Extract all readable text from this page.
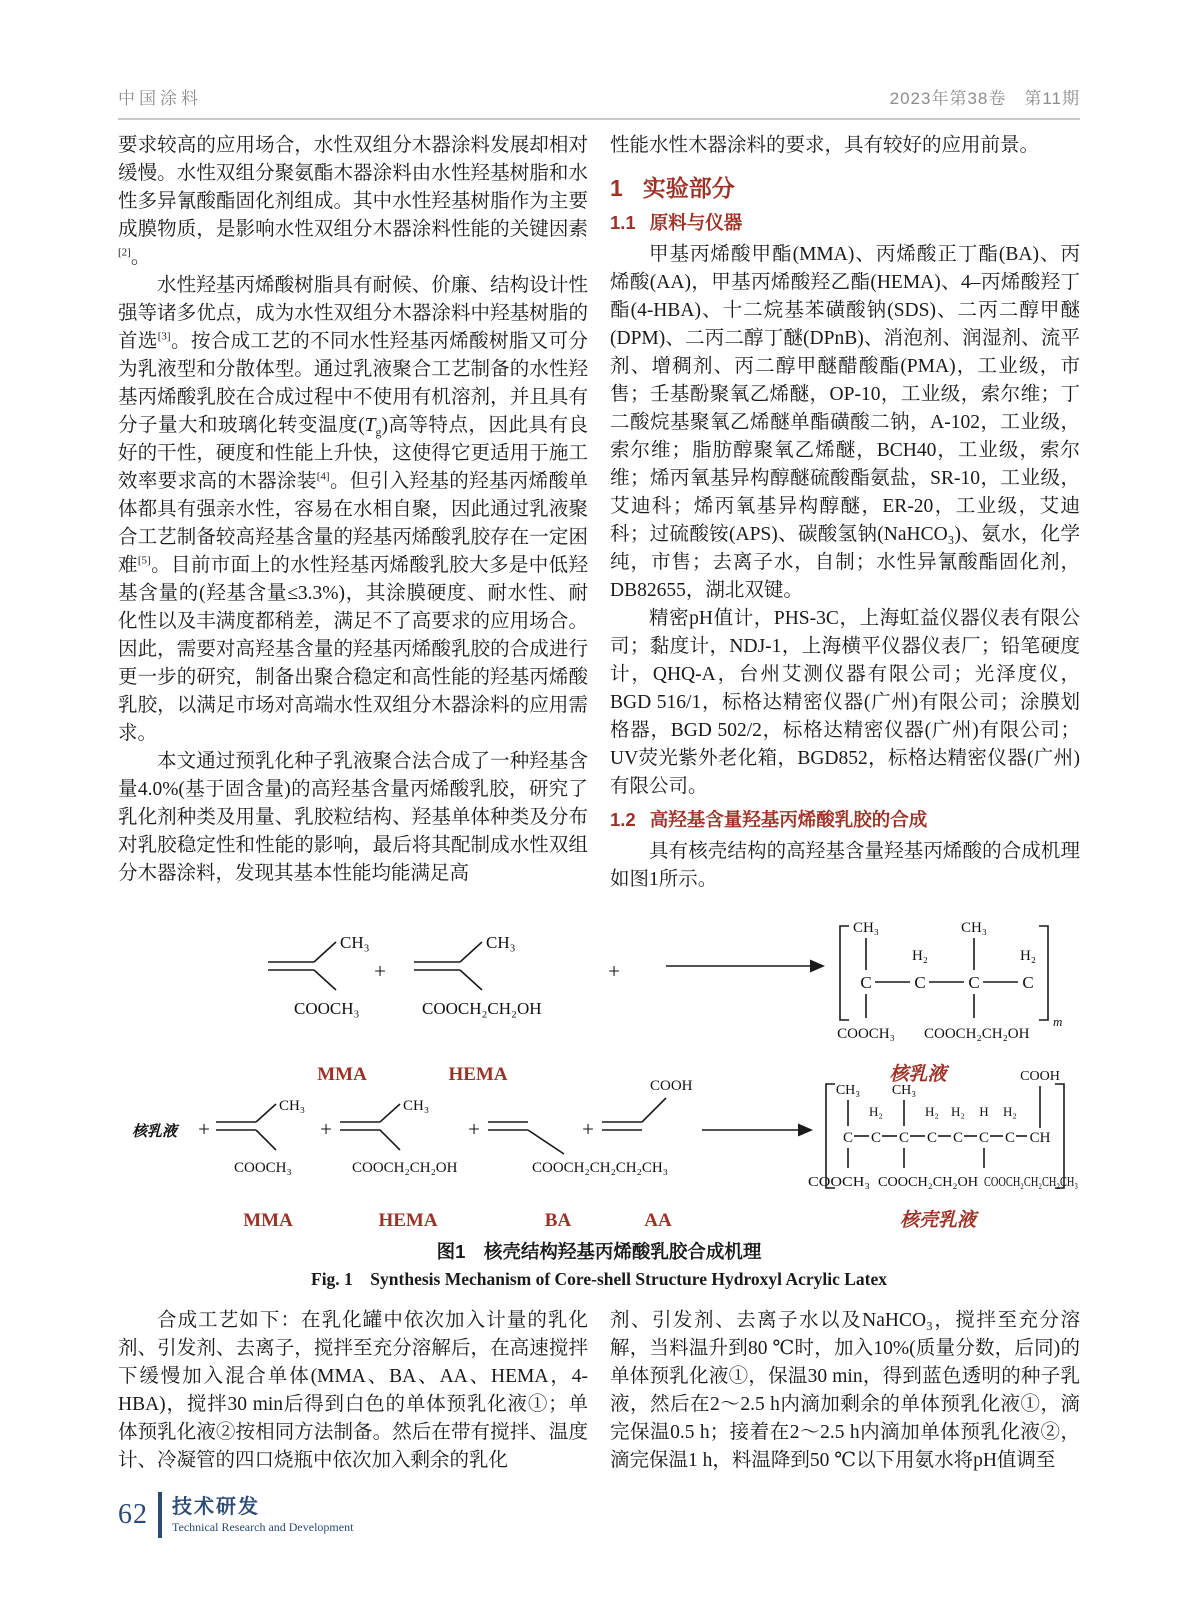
中国涂料	2023年第38卷　第11期

要求较高的应用场合，水性双组分木器涂料发展却相对缓慢。水性双组分聚氨酯木器涂料由水性羟基树脂和水性多异氰酸酯固化剂组成。其中水性羟基树脂作为主要成膜物质，是影响水性双组分木器涂料性能的关键因素[2]。

水性羟基丙烯酸树脂具有耐候、价廉、结构设计性强等诸多优点，成为水性双组分木器涂料中羟基树脂的首选[3]。按合成工艺的不同水性羟基丙烯酸树脂又可分为乳液型和分散体型。通过乳液聚合工艺制备的水性羟基丙烯酸乳胶在合成过程中不使用有机溶剂，并且具有分子量大和玻璃化转变温度$(T_g)$高等特点，因此具有良好的干性，硬度和性能上升快，这使得它更适用于施工效率要求高的木器涂装[4]。但引入羟基的羟基丙烯酸单体都具有强亲水性，容易在水相自聚，因此通过乳液聚合工艺制备较高羟基含量的羟基丙烯酸乳胶存在一定困难[5]。目前市面上的水性羟基丙烯酸乳胶大多是中低羟基含量的(羟基含量≤3.3%)，其涂膜硬度、耐水性、耐化性以及丰满度都稍差，满足不了高要求的应用场合。因此，需要对高羟基含量的羟基丙烯酸乳胶的合成进行更一步的研究，制备出聚合稳定和高性能的羟基丙烯酸乳胶，以满足市场对高端水性双组分木器涂料的应用需求。

本文通过预乳化种子乳液聚合法合成了一种羟基含量4.0%(基于固含量)的高羟基含量丙烯酸乳胶，研究了乳化剂种类及用量、乳胶粒结构、羟基单体种类及分布对乳胶稳定性和性能的影响，最后将其配制成水性双组分木器涂料，发现其基本性能均能满足高

性能水性木器涂料的要求，具有较好的应用前景。

1 实验部分
1.1 原料与仪器

甲基丙烯酸甲酯(MMA)、丙烯酸正丁酯(BA)、丙烯酸(AA)，甲基丙烯酸羟乙酯(HEMA)、4–丙烯酸羟丁酯(4-HBA)、十二烷基苯磺酸钠(SDS)、二丙二醇甲醚(DPM)、二丙二醇丁醚(DPnB)、消泡剂、润湿剂、流平剂、增稠剂、丙二醇甲醚醋酸酯(PMA)，工业级，市售；壬基酚聚氧乙烯醚，OP-10，工业级，索尔维；丁二酸烷基聚氧乙烯醚单酯磺酸二钠，A-102，工业级，索尔维；脂肪醇聚氧乙烯醚，BCH40，工业级，索尔维；烯丙氧基异构醇醚硫酸酯氨盐，SR-10，工业级，艾迪科；烯丙氧基异构醇醚，ER-20，工业级，艾迪科；过硫酸铵(APS)、碳酸氢钠(NaHCO₃)、氨水，化学纯，市售；去离子水，自制；水性异氰酸酯固化剂，DB82655，湖北双键。

精密pH值计，PHS-3C，上海虹益仪器仪表有限公司；黏度计，NDJ-1，上海横平仪器仪表厂；铅笔硬度计，QHQ-A，台州艾测仪器有限公司；光泽度仪，BGD 516/1，标格达精密仪器(广州)有限公司；涂膜划格器，BGD 502/2，标格达精密仪器(广州)有限公司；UV荧光紫外老化箱，BGD852，标格达精密仪器(广州)有限公司。

1.2 高羟基含量羟基丙烯酸乳胶的合成

具有核壳结构的高羟基含量羟基丙烯酸的合成机理如图1所示。

CH₃
COOCH₃
+
CH₃
COOCH₂CH₂OH
+	C	C	C	C
CH₃	CH₃
H₂	H₂
COOCH₃ COOCH₂CH₂OH
m
MMA	HEMA	核乳液
核乳液 +
CH₃
COOCH₃
+
CH₃
COOCH₂CH₂OH
+
COOCH₂CH₂CH₂CH₃
+
COOH
C C C C C C C CH
CH₃
H₂
CH₃
H₂ H₂ H H₂
COOH
COOCH₃ COOCH₂CH₂OH COOCH₂CH₂CH₂CH₃
MMA	HEMA	BA	AA	核壳乳液

图1　核壳结构羟基丙烯酸乳胶合成机理

Fig. 1　Synthesis Mechanism of Core-shell Structure Hydroxyl Acrylic Latex

合成工艺如下：在乳化罐中依次加入计量的乳化剂、引发剂、去离子，搅拌至充分溶解后，在高速搅拌下缓慢加入混合单体(MMA、BA、AA、HEMA，4-HBA)，搅拌30 min后得到白色的单体预乳化液①；单体预乳化液②按相同方法制备。然后在带有搅拌、温度计、冷凝管的四口烧瓶中依次加入剩余的乳化

剂、引发剂、去离子水以及NaHCO₃，搅拌至充分溶解，当料温升到80 ℃时，加入10%(质量分数，后同)的单体预乳化液①，保温30 min，得到蓝色透明的种子乳液，然后在2～2.5 h内滴加剩余的单体预乳化液①，滴完保温0.5 h；接着在2～2.5 h内滴加单体预乳化液②，滴完保温1 h，料温降到50 ℃以下用氨水将pH值调至

62 技术研发
Technical Research and Development
